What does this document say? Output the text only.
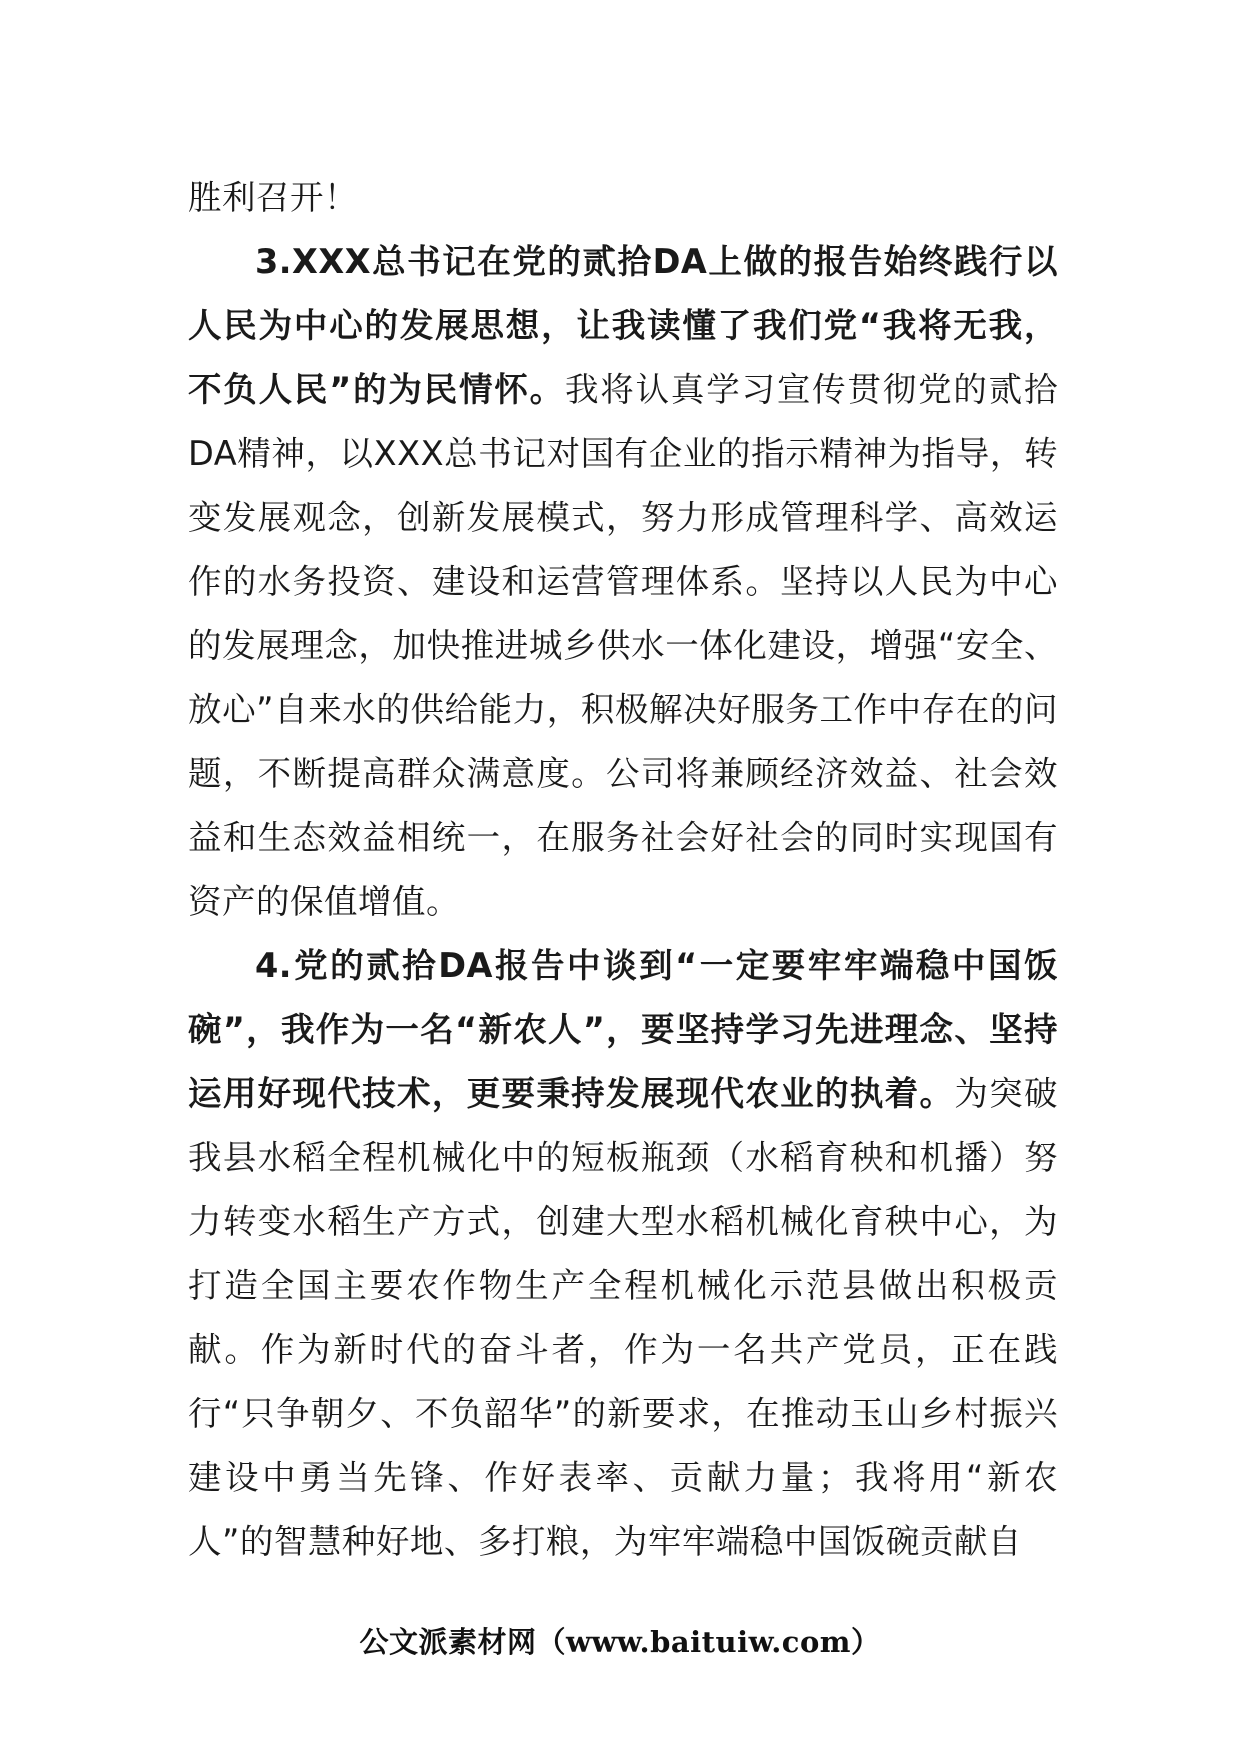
胜利召开！

3.XXX总书记在党的贰拾DA上做的报告始终践行以人民为中心的发展思想，让我读懂了我们党“我将无我，不负人民”的为民情怀。我将认真学习宣传贯彻党的贰拾DA精神，以XXX总书记对国有企业的指示精神为指导，转变发展观念，创新发展模式，努力形成管理科学、高效运作的水务投资、建设和运营管理体系。坚持以人民为中心的发展理念，加快推进城乡供水一体化建设，增强“安全、放心”自来水的供给能力，积极解决好服务工作中存在的问题，不断提高群众满意度。公司将兼顾经济效益、社会效益和生态效益相统一，在服务社会好社会的同时实现国有资产的保值增值。

4.党的贰拾DA报告中谈到“一定要牢牢端稳中国饭碗”，我作为一名“新农人”，要坚持学习先进理念、坚持运用好现代技术，更要秉持发展现代农业的执着。为突破我县水稻全程机械化中的短板瓶颈（水稻育秧和机播）努力转变水稻生产方式，创建大型水稻机械化育秧中心，为打造全国主要农作物生产全程机械化示范县做出积极贡献。作为新时代的奋斗者，作为一名共产党员，正在践行“只争朝夕、不负韶华”的新要求，在推动玉山乡村振兴建设中勇当先锋、作好表率、贡献力量；我将用“新农人”的智慧种好地、多打粮，为牢牢端稳中国饭碗贡献自

公文派素材网（www.baituiw.com）
